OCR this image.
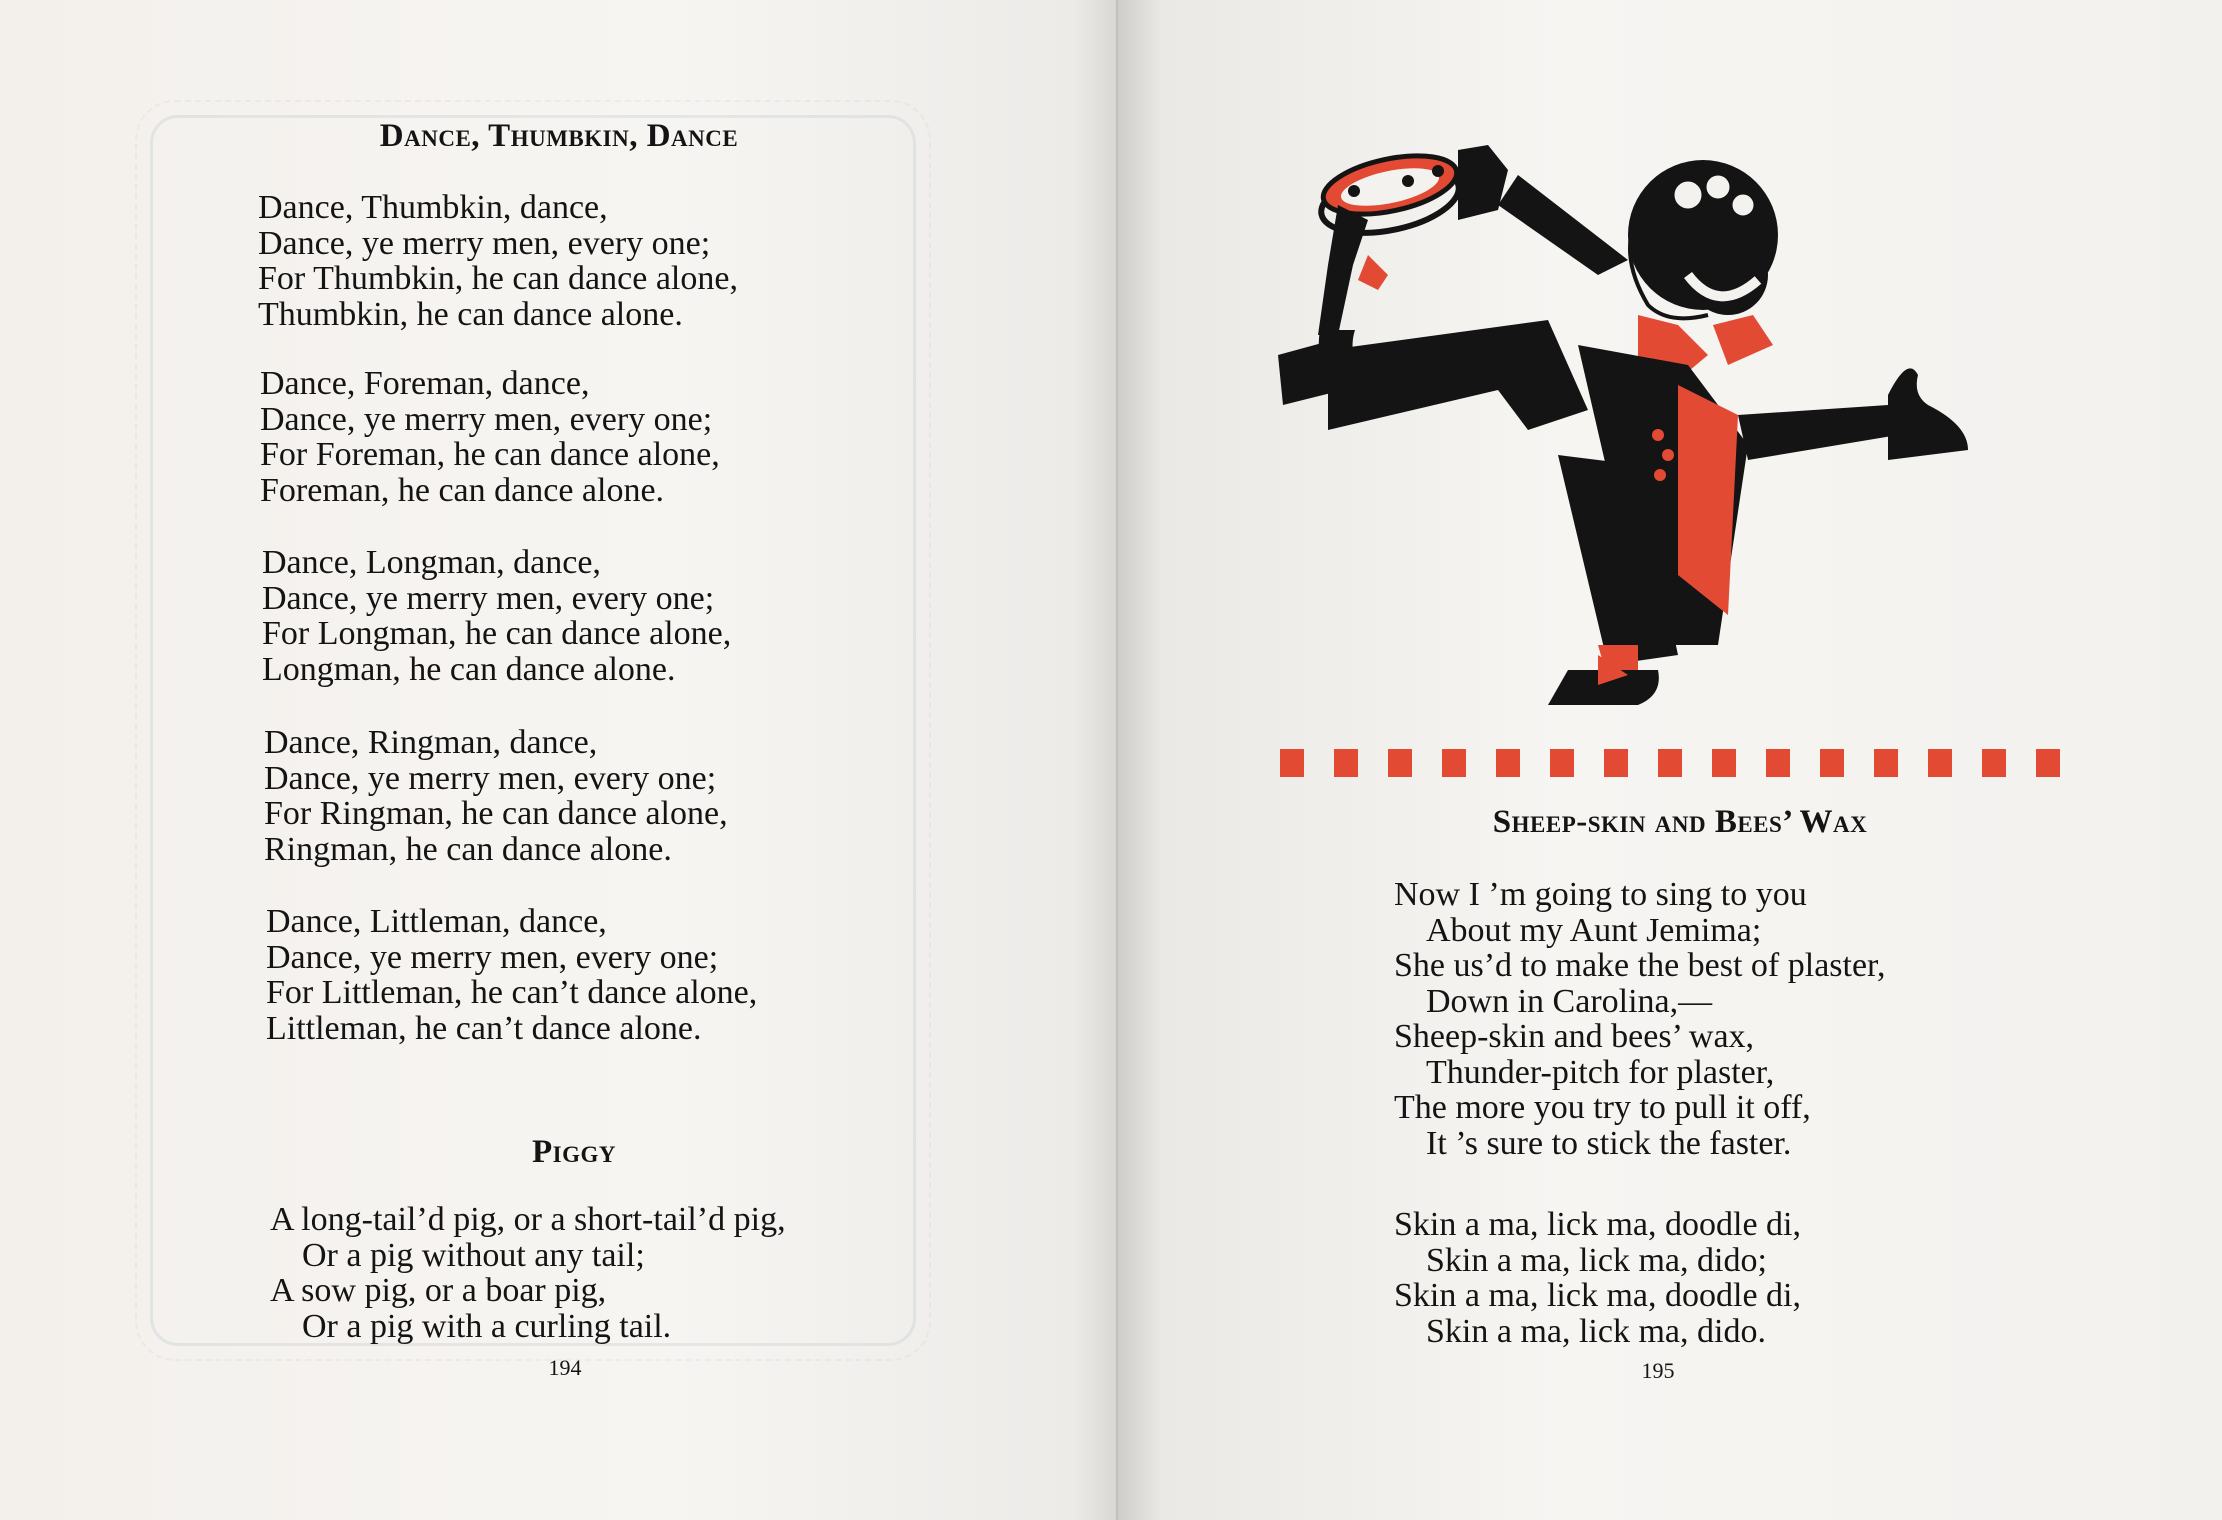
Dance, Thumbkin, Dance
Dance, Thumbkin, dance,
Dance, ye merry men, every one;
For Thumbkin, he can dance alone,
Thumbkin, he can dance alone.
Dance, Foreman, dance,
Dance, ye merry men, every one;
For Foreman, he can dance alone,
Foreman, he can dance alone.
Dance, Longman, dance,
Dance, ye merry men, every one;
For Longman, he can dance alone,
Longman, he can dance alone.
Dance, Ringman, dance,
Dance, ye merry men, every one;
For Ringman, he can dance alone,
Ringman, he can dance alone.
Dance, Littleman, dance,
Dance, ye merry men, every one;
For Littleman, he can’t dance alone,
Littleman, he can’t dance alone.
Piggy
A long-tail’d pig, or a short-tail’d pig,
Or a pig without any tail;
A sow pig, or a boar pig,
Or a pig with a curling tail.
194
Sheep-skin and Bees’ Wax
Now I ’m going to sing to you
About my Aunt Jemima;
She us’d to make the best of plaster,
Down in Carolina,—
Sheep-skin and bees’ wax,
Thunder-pitch for plaster,
The more you try to pull it off,
It ’s sure to stick the faster.
Skin a ma, lick ma, doodle di,
Skin a ma, lick ma, dido;
Skin a ma, lick ma, doodle di,
Skin a ma, lick ma, dido.
195
